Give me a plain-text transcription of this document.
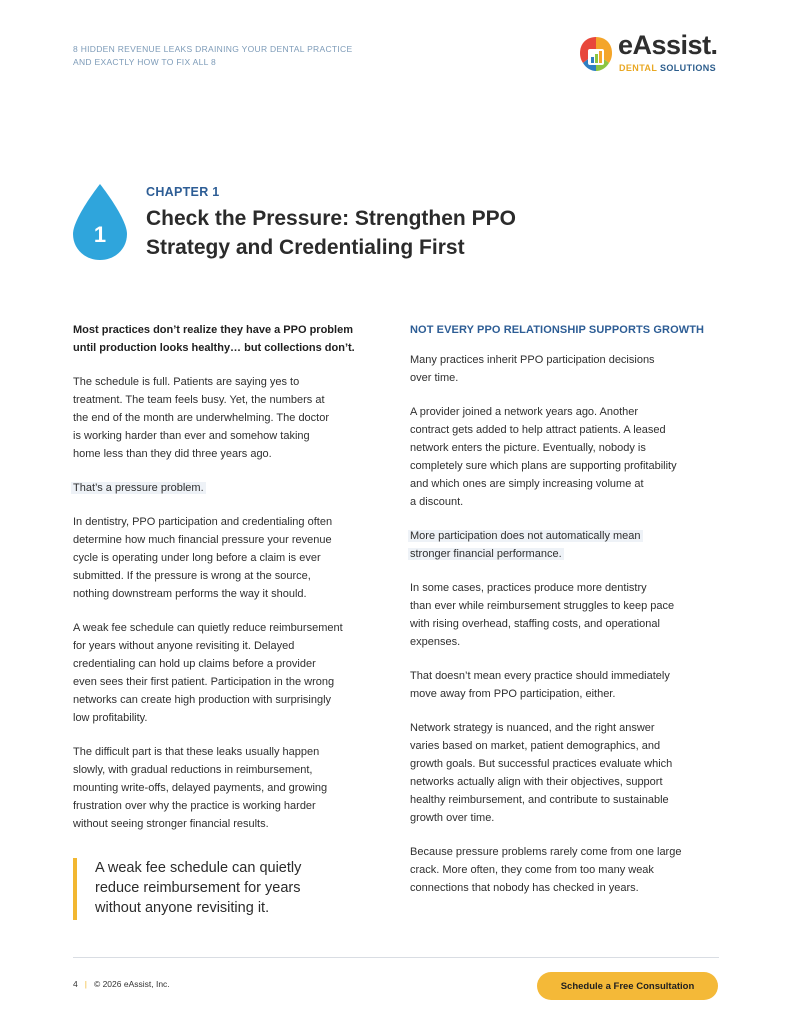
8 HIDDEN REVENUE LEAKS DRAINING YOUR DENTAL PRACTICE
AND EXACTLY HOW TO FIX ALL 8
eAssist.
DENTAL SOLUTIONS
1
CHAPTER 1
Check the Pressure: Strengthen PPO
Strategy and Credentialing First

Most practices don’t realize they have a PPO problem
until production looks healthy… but collections don’t.

The schedule is full. Patients are saying yes to
treatment. The team feels busy. Yet, the numbers at
the end of the month are underwhelming. The doctor
is working harder than ever and somehow taking
home less than they did three years ago.

That’s a pressure problem.

In dentistry, PPO participation and credentialing often
determine how much financial pressure your revenue
cycle is operating under long before a claim is ever
submitted. If the pressure is wrong at the source,
nothing downstream performs the way it should.

A weak fee schedule can quietly reduce reimbursement
for years without anyone revisiting it. Delayed
credentialing can hold up claims before a provider
even sees their first patient. Participation in the wrong
networks can create high production with surprisingly
low profitability.

The difficult part is that these leaks usually happen
slowly, with gradual reductions in reimbursement,
mounting write-offs, delayed payments, and growing
frustration over why the practice is working harder
without seeing stronger financial results.

A weak fee schedule can quietly
reduce reimbursement for years
without anyone revisiting it.
NOT EVERY PPO RELATIONSHIP SUPPORTS GROWTH

Many practices inherit PPO participation decisions
over time.

A provider joined a network years ago. Another
contract gets added to help attract patients. A leased
network enters the picture. Eventually, nobody is
completely sure which plans are supporting profitability
and which ones are simply increasing volume at
a discount.

More participation does not automatically mean
stronger financial performance.

In some cases, practices produce more dentistry
than ever while reimbursement struggles to keep pace
with rising overhead, staffing costs, and operational
expenses.

That doesn’t mean every practice should immediately
move away from PPO participation, either.

Network strategy is nuanced, and the right answer
varies based on market, patient demographics, and
growth goals. But successful practices evaluate which
networks actually align with their objectives, support
healthy reimbursement, and contribute to sustainable
growth over time.

Because pressure problems rarely come from one large
crack. More often, they come from too many weak
connections that nobody has checked in years.

4 | © 2026 eAssist, Inc.	Schedule a Free Consultation
